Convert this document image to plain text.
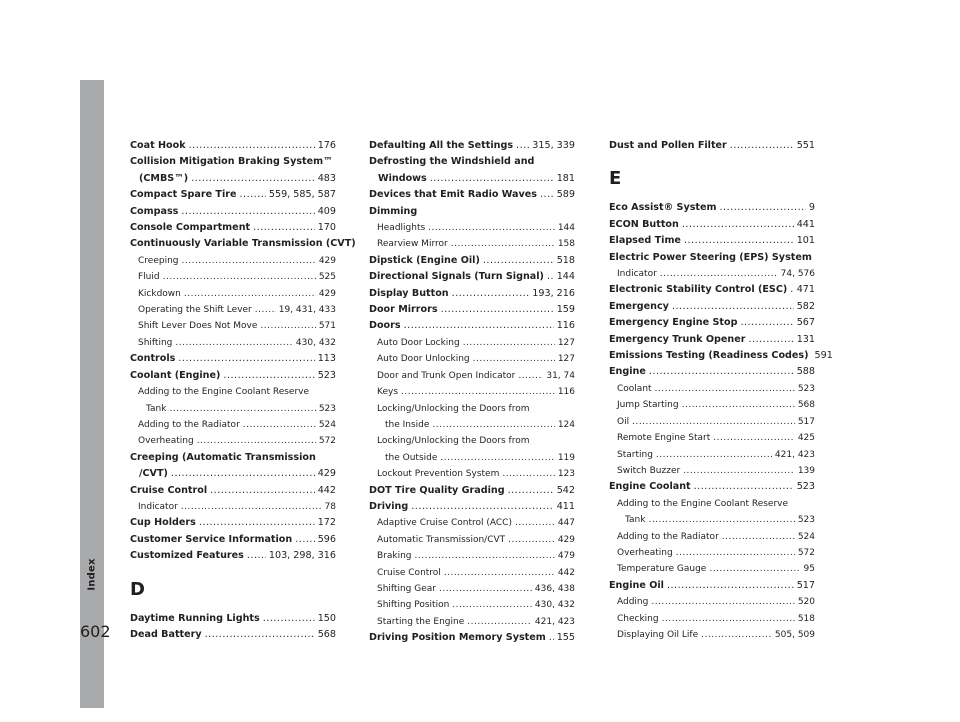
Index
602
Coat Hook .....	176
Collision Mitigation Braking System™
(CMBS™) .....	483
Compact Spare Tire .....	559, 585, 587
Compass .....	409
Console Compartment .....	170
Continuously Variable Transmission (CVT)
Creeping .....	429
Fluid .....	525
Kickdown .....	429
Operating the Shift Lever .....	19, 431, 433
Shift Lever Does Not Move .....	571
Shifting .....	430, 432
Controls .....	113
Coolant (Engine) .....	523
Adding to the Engine Coolant Reserve
Tank .....	523
Adding to the Radiator .....	524
Overheating .....	572
Creeping (Automatic Transmission
/CVT) .....	429
Cruise Control .....	442
Indicator .....	78
Cup Holders .....	172
Customer Service Information .....	596
Customized Features .....	103, 298, 316
D
Daytime Running Lights .....	150
Dead Battery .....	568
Defaulting All the Settings ..... 315, 339
Defrosting the Windshield and
Windows .....	181
Devices that Emit Radio Waves ..... 589
Dimming
Headlights .....	144
Rearview Mirror .....	158
Dipstick (Engine Oil) .....	518
Directional Signals (Turn Signal) ..... 144
Display Button .....	193, 216
Door Mirrors .....	159
Doors .....	116
Auto Door Locking .....	127
Auto Door Unlocking .....	127
Door and Trunk Open Indicator .....	31, 74
Keys .....	116
Locking/Unlocking the Doors from
the Inside .....	124
Locking/Unlocking the Doors from
the Outside .....	119
Lockout Prevention System .....	123
DOT Tire Quality Grading .....	542
Driving .....	411
Adaptive Cruise Control (ACC) .....	447
Automatic Transmission/CVT .....	429
Braking .....	479
Cruise Control .....	442
Shifting Gear .....	436, 438
Shifting Position .....	430, 432
Starting the Engine .....	421, 423
Driving Position Memory System ..... 155
Dust and Pollen Filter .....	551
E
Eco Assist® System .....	9
ECON Button .....	441
Elapsed Time .....	101
Electric Power Steering (EPS) System
Indicator .....	74, 576
Electronic Stability Control (ESC) ..... 471
Emergency .....	582
Emergency Engine Stop .....	567
Emergency Trunk Opener .....	131
Emissions Testing (Readiness Codes) 591
Engine .....	588
Coolant .....	523
Jump Starting .....	568
Oil .....	517
Remote Engine Start .....	425
Starting .....	421, 423
Switch Buzzer .....	139
Engine Coolant .....	523
Adding to the Engine Coolant Reserve
Tank .....	523
Adding to the Radiator .....	524
Overheating .....	572
Temperature Gauge .....	95
Engine Oil .....	517
Adding .....	520
Checking .....	518
Displaying Oil Life .....	505, 509
